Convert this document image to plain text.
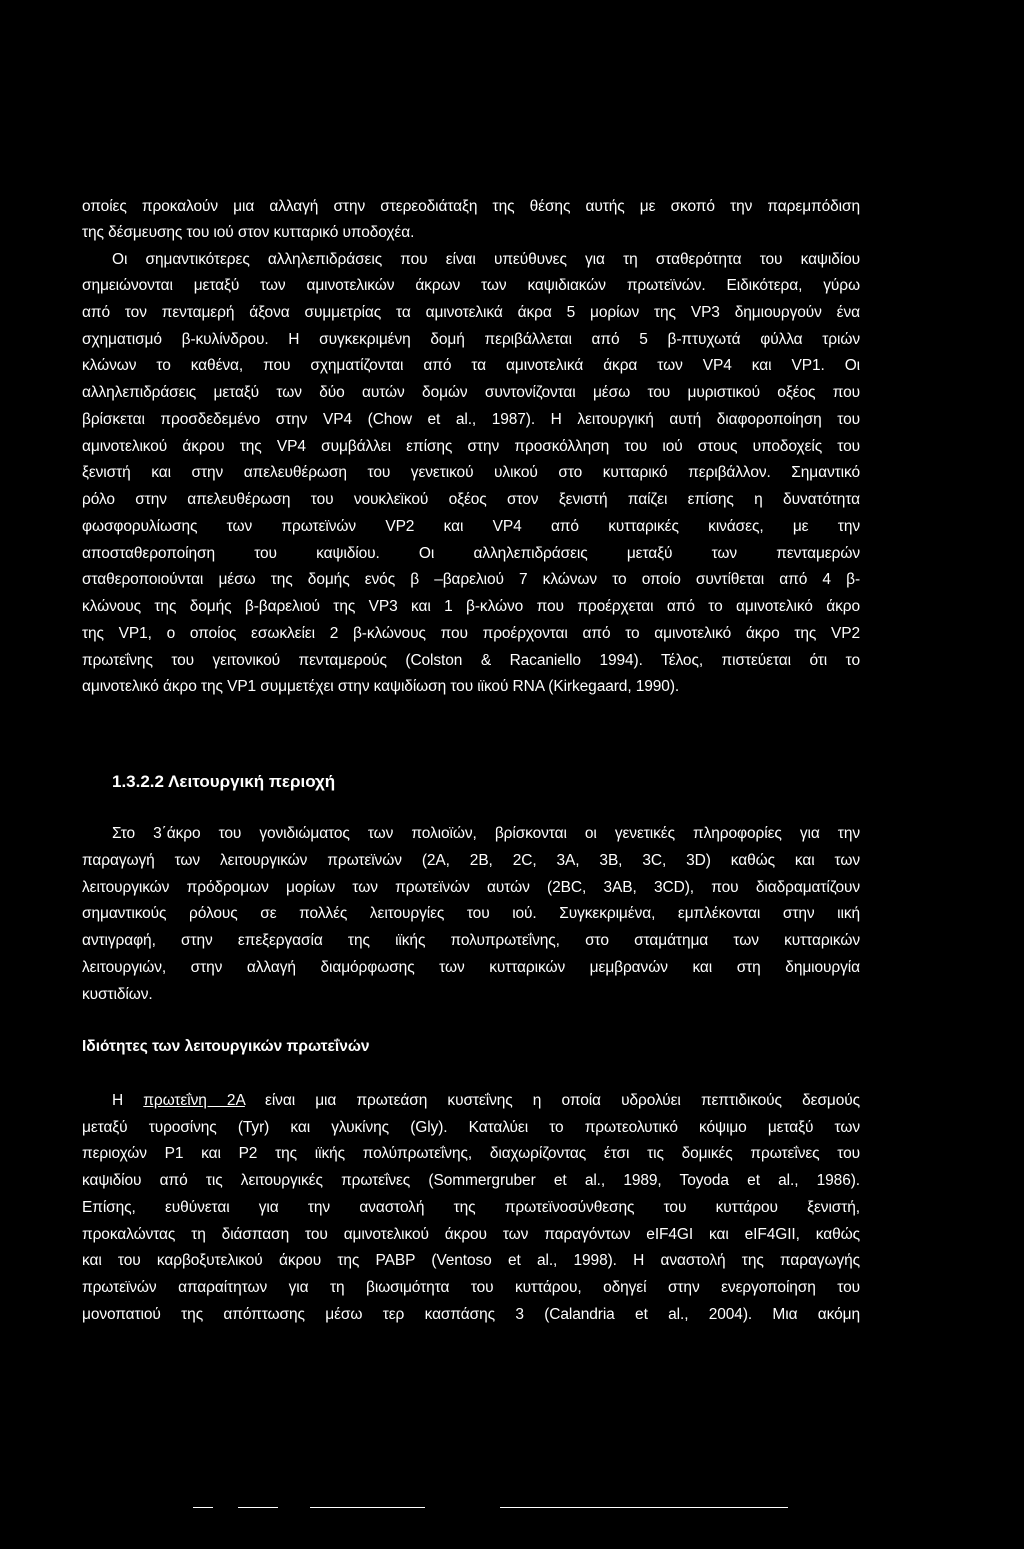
οποίες προκαλούν μια αλλαγή στην στερεοδιάταξη της θέσης αυτής με σκοπό την παρεμπόδιση
της δέσμευσης του ιού στον κυτταρικό υποδοχέα.
Οι σημαντικότερες αλληλεπιδράσεις που είναι υπεύθυνες για τη σταθερότητα του καψιδίου
σημειώνονται μεταξύ των αμινοτελικών άκρων των καψιδιακών πρωτεϊνών. Ειδικότερα, γύρω
από τον πενταμερή άξονα συμμετρίας τα αμινοτελικά άκρα 5 μορίων της VP3 δημιουργούν ένα
σχηματισμό β-κυλίνδρου. Η συγκεκριμένη δομή περιβάλλεται από 5 β-πτυχωτά φύλλα τριών
κλώνων το καθένα, που σχηματίζονται από τα αμινοτελικά άκρα των VP4 και VP1. Οι
αλληλεπιδράσεις μεταξύ των δύο αυτών δομών συντονίζονται μέσω του μυριστικού οξέος που
βρίσκεται προσδεδεμένο στην VP4 (Chow et al., 1987). Η λειτουργική αυτή διαφοροποίηση του
αμινοτελικού άκρου της VP4 συμβάλλει επίσης στην προσκόλληση του ιού στους υποδοχείς του
ξενιστή και στην απελευθέρωση του γενετικού υλικού στο κυτταρικό περιβάλλον. Σημαντικό
ρόλο στην απελευθέρωση του νουκλεϊκού οξέος στον ξενιστή παίζει επίσης η δυνατότητα
φωσφορυλίωσης των πρωτεϊνών VP2 και VP4 από κυτταρικές κινάσες, με την
αποσταθεροποίηση του καψιδίου. Οι αλληλεπιδράσεις μεταξύ των πενταμερών
σταθεροποιούνται μέσω της δομής ενός β –βαρελιού 7 κλώνων το οποίο συντίθεται από 4 β-
κλώνους της δομής β-βαρελιού της VP3 και 1 β-κλώνο που προέρχεται από το αμινοτελικό άκρο
της VP1, ο οποίος εσωκλείει 2 β-κλώνους που προέρχονται από το αμινοτελικό άκρο της VP2
πρωτεΐνης του γειτονικού πενταμερούς (Colston & Racaniello 1994). Τέλος, πιστεύεται ότι το
αμινοτελικό άκρο της VP1 συμμετέχει στην καψιδίωση του ιϊκού RNA (Kirkegaard, 1990).
1.3.2.2 Λειτουργική περιοχή
Στο 3΄άκρο του γονιδιώματος των πολιοϊών, βρίσκονται οι γενετικές πληροφορίες για την
παραγωγή των λειτουργικών πρωτεϊνών (2A, 2B, 2C, 3A, 3B, 3C, 3D) καθώς και των
λειτουργικών πρόδρομων μορίων των πρωτεϊνών αυτών (2BC, 3AB, 3CD), που διαδραματίζουν
σημαντικούς ρόλους σε πολλές λειτουργίες του ιού. Συγκεκριμένα, εμπλέκονται στην ιική
αντιγραφή, στην επεξεργασία της ιϊκής πολυπρωτεΐνης, στο σταμάτημα των κυτταρικών
λειτουργιών, στην αλλαγή διαμόρφωσης των κυτταρικών μεμβρανών και στη δημιουργία
κυστιδίων.
Ιδιότητες των λειτουργικών πρωτεΐνών
Η πρωτεΐνη 2A είναι μια πρωτεάση κυστεΐνης η οποία υδρολύει πεπτιδικούς δεσμούς
μεταξύ τυροσίνης (Tyr) και γλυκίνης (Gly). Καταλύει το πρωτεολυτικό κόψιμο μεταξύ των
περιοχών P1 και P2 της ιϊκής πολύπρωτεΐνης, διαχωρίζοντας έτσι τις δομικές πρωτεΐνες του
καψιδίου από τις λειτουργικές πρωτεΐνες (Sommergruber et al., 1989, Toyoda et al., 1986).
Επίσης, ευθύνεται για την αναστολή της πρωτεϊνοσύνθεσης του κυττάρου ξενιστή,
προκαλώντας τη διάσπαση του αμινοτελικού άκρου των παραγόντων eIF4GI και eIF4GII, καθώς
και του καρβοξυτελικού άκρου της PABP (Ventoso et al., 1998). Η αναστολή της παραγωγής
πρωτεϊνών απαραίτητων για τη βιωσιμότητα του κυττάρου, οδηγεί στην ενεργοποίηση του
μονοπατιού της απόπτωσης μέσω τερ κασπάσης 3 (Calandria et al., 2004). Μια ακόμη
